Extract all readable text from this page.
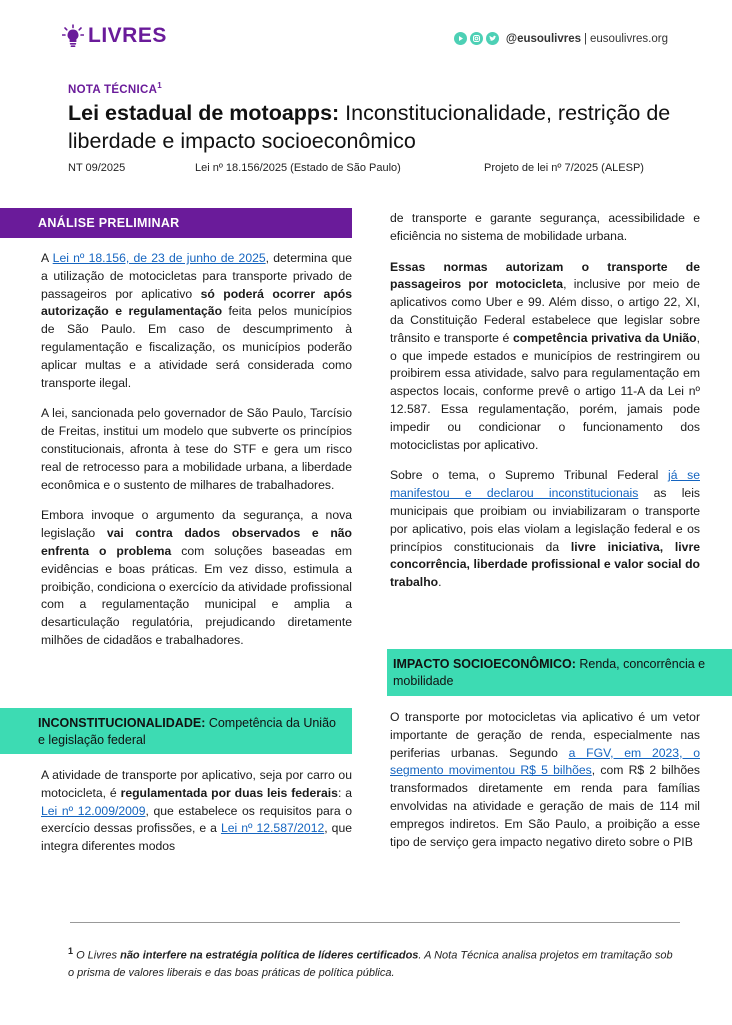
LIVRES	@eusoulivres | eusoulivres.org
NOTA TÉCNICA$^1$
Lei estadual de motoapps: Inconstitucionalidade, restrição de liberdade e impacto socioeconômico
NT 09/2025	Lei nº 18.156/2025 (Estado de São Paulo)	Projeto de lei nº 7/2025 (ALESP)
ANÁLISE PRELIMINAR
INCONSTITUCIONALIDADE: Competência da União e legislação federal
IMPACTO SOCIOECONÔMICO: Renda, concorrência e mobilidade

A Lei nº 18.156, de 23 de junho de 2025, determina que a utilização de motocicletas para transporte privado de passageiros por aplicativo só poderá ocorrer após autorização e regulamentação feita pelos municípios de São Paulo. Em caso de descumprimento à regulamentação e fiscalização, os municípios poderão aplicar multas e a atividade será considerada como transporte ilegal.

A lei, sancionada pelo governador de São Paulo, Tarcísio de Freitas, institui um modelo que subverte os princípios constitucionais, afronta à tese do STF e gera um risco real de retrocesso para a mobilidade urbana, a liberdade econômica e o sustento de milhares de trabalhadores.

Embora invoque o argumento da segurança, a nova legislação vai contra dados observados e não enfrenta o problema com soluções baseadas em evidências e boas práticas. Em vez disso, estimula a proibição, condiciona o exercício da atividade profissional com a regulamentação municipal e amplia a desarticulação regulatória, prejudicando diretamente milhões de cidadãos e trabalhadores.

A atividade de transporte por aplicativo, seja por carro ou motocicleta, é regulamentada por duas leis federais: a Lei nº 12.009/2009, que estabelece os requisitos para o exercício dessas profissões, e a Lei nº 12.587/2012, que integra diferentes modos

de transporte e garante segurança, acessibilidade e eficiência no sistema de mobilidade urbana.

Essas normas autorizam o transporte de passageiros por motocicleta, inclusive por meio de aplicativos como Uber e 99. Além disso, o artigo 22, XI, da Constituição Federal estabelece que legislar sobre trânsito e transporte é competência privativa da União, o que impede estados e municípios de restringirem ou proibirem essa atividade, salvo para regulamentação em aspectos locais, conforme prevê o artigo 11-A da Lei nº 12.587. Essa regulamentação, porém, jamais pode impedir ou condicionar o funcionamento dos motociclistas por aplicativo.

Sobre o tema, o Supremo Tribunal Federal já se manifestou e declarou inconstitucionais as leis municipais que proibiam ou inviabilizaram o transporte por aplicativo, pois elas violam a legislação federal e os princípios constitucionais da livre iniciativa, livre concorrência, liberdade profissional e valor social do trabalho.

O transporte por motocicletas via aplicativo é um vetor importante de geração de renda, especialmente nas periferias urbanas. Segundo a FGV, em 2023, o segmento movimentou R$ 5 bilhões, com R$ 2 bilhões transformados diretamente em renda para famílias envolvidas na atividade e geração de mais de 114 mil empregos indiretos. Em São Paulo, a proibição a esse tipo de serviço gera impacto negativo direto sobre o PIB

$^1$ O Livres não interfere na estratégia política de líderes certificados. A Nota Técnica analisa projetos em tramitação sob o prisma de valores liberais e das boas práticas de política pública.
